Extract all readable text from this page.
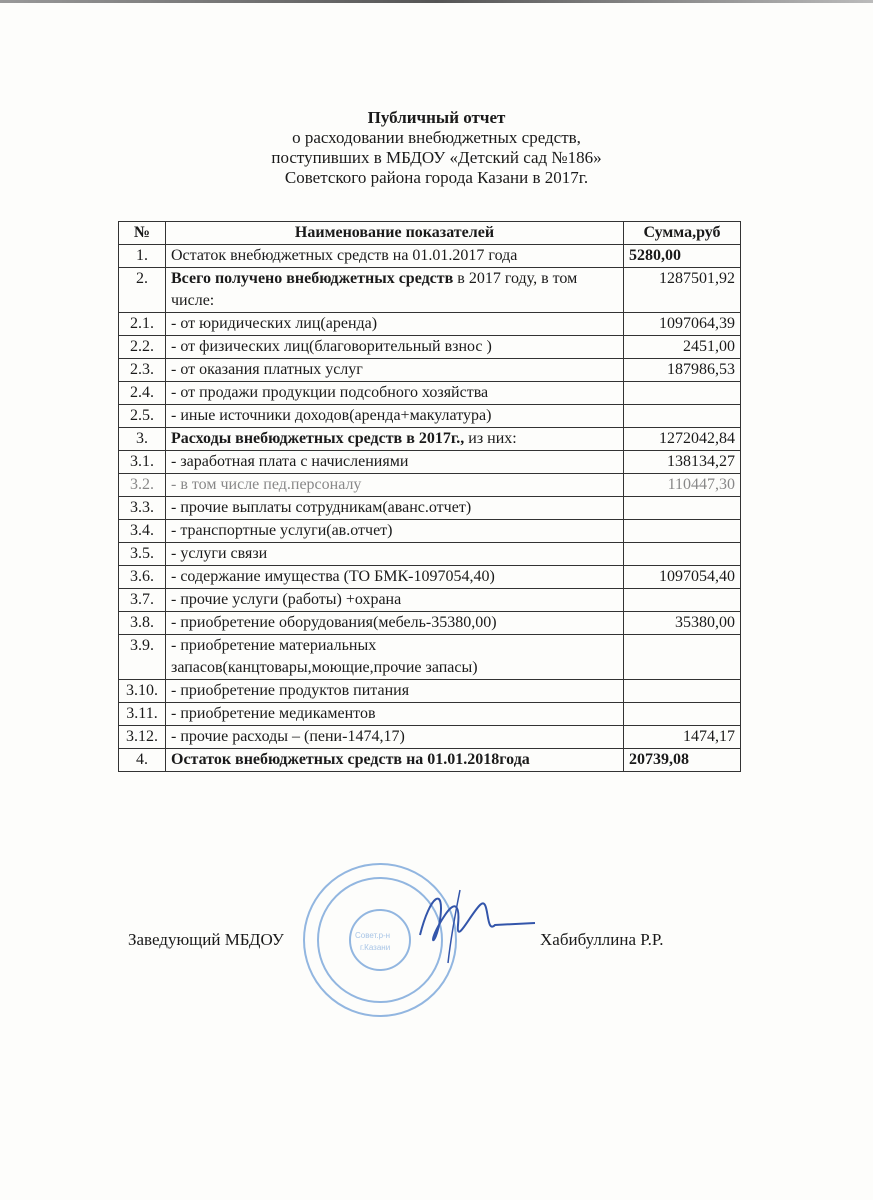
Публичный отчет
о расходовании внебюджетных средств,
поступивших в МБДОУ «Детский сад №186»
Советского района города Казани в 2017г.
№	Наименование показателей	Сумма,руб
1.	Остаток внебюджетных средств на 01.01.2017 года	5280,00
2.	Всего получено внебюджетных средств в 2017 году, в том числе:	1287501,92
2.1.	- от юридических лиц(аренда)	1097064,39
2.2.	- от физических лиц(благоворительный взнос )	2451,00
2.3.	- от оказания платных услуг	187986,53
2.4.	- от продажи продукции подсобного хозяйства	
2.5.	- иные источники доходов(аренда+макулатура)	
3.	Расходы внебюджетных средств в 2017г., из них:	1272042,84
3.1.	- заработная плата с начислениями	138134,27
3.2.	- в том числе пед.персоналу	110447,30
3.3.	- прочие выплаты сотрудникам(аванс.отчет)	
3.4.	- транспортные услуги(ав.отчет)	
3.5.	- услуги связи	
3.6.	- содержание имущества (ТО БМК-1097054,40)	1097054,40
3.7.	- прочие услуги (работы) +охрана	
3.8.	- приобретение оборудования(мебель-35380,00)	35380,00
3.9.	- приобретение материальных запасов(канцтовары,моющие,прочие запасы)	
3.10.	- приобретение продуктов питания	
3.11.	- приобретение медикаментов	
3.12.	- прочие расходы – (пени-1474,17)	1474,17
4.	Остаток внебюджетных средств на 01.01.2018года	20739,08
Совет.р-н
г.Казани
Заведующий МБДОУ	Хабибуллина Р.Р.
